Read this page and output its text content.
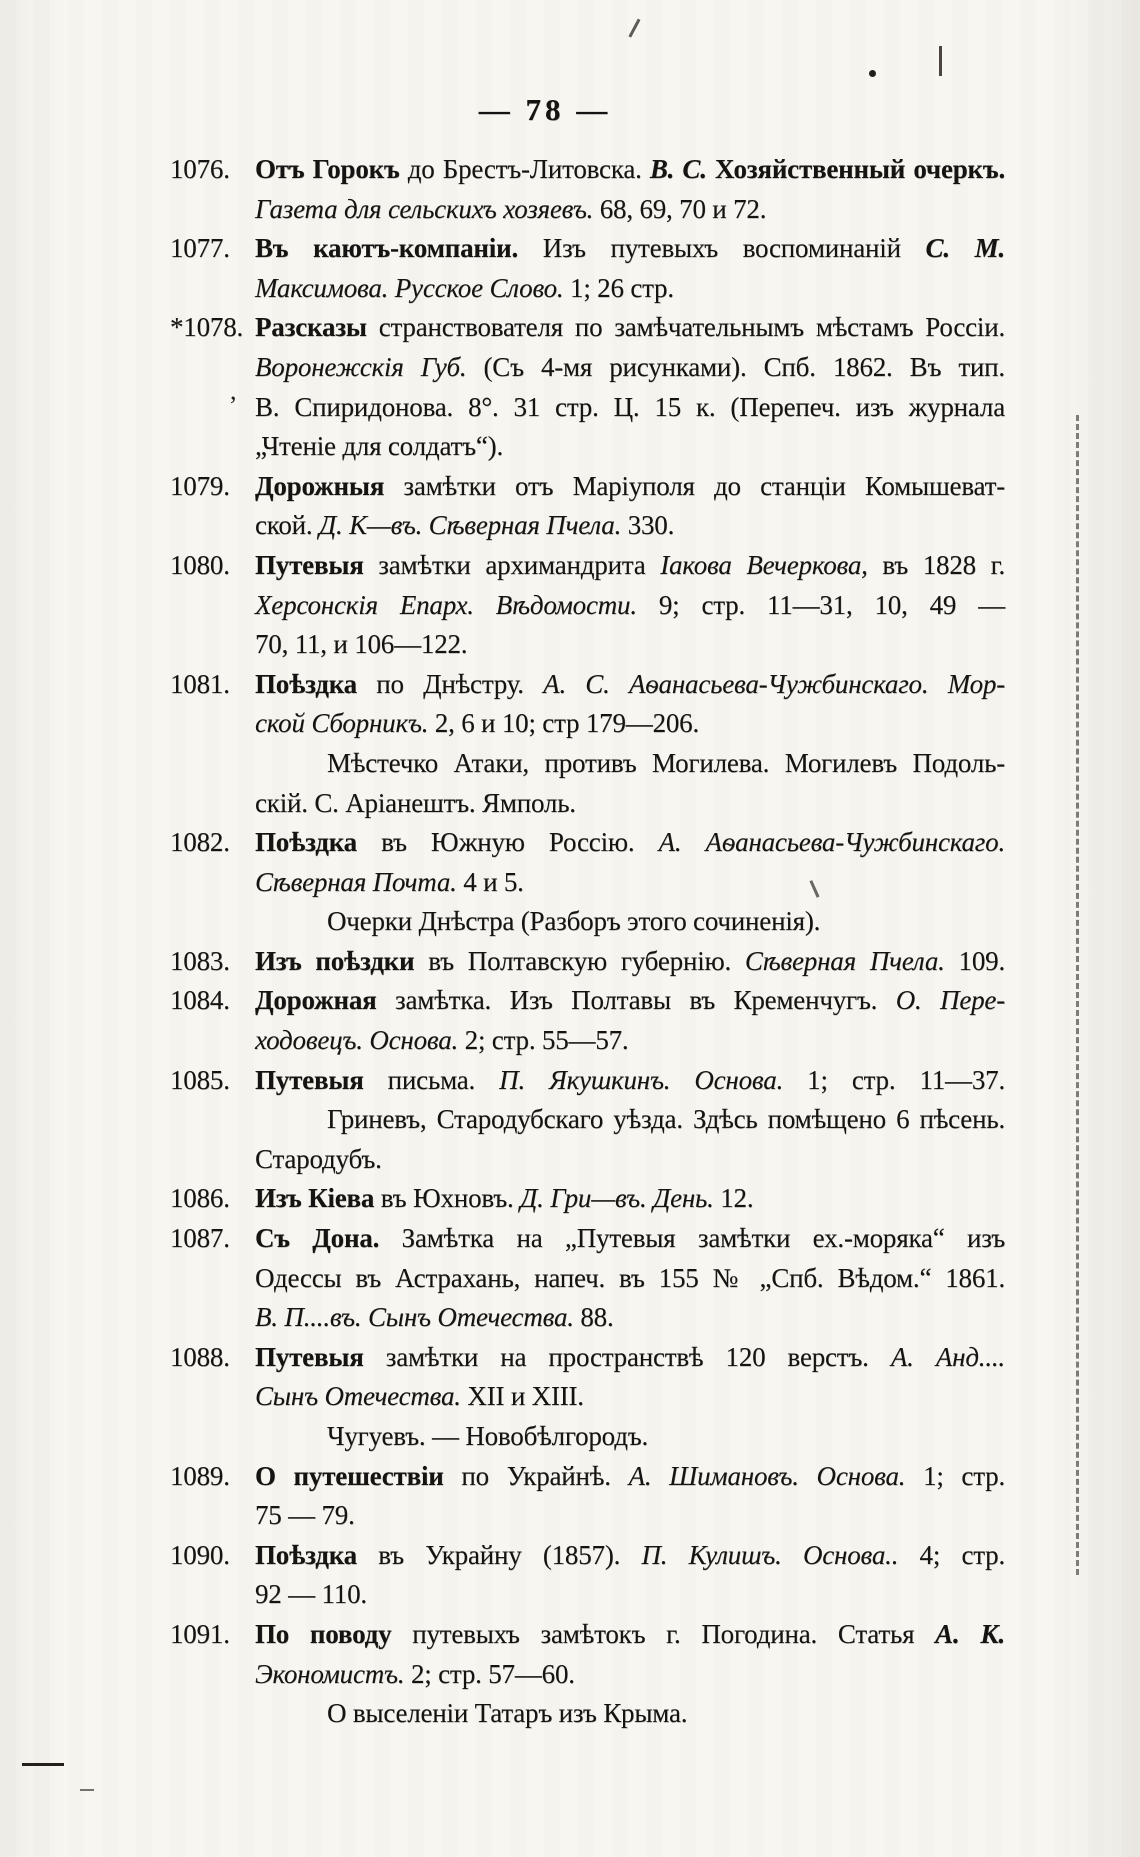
— 78 —
1076. Отъ Горокъ до Брестъ-Литовска. В. С. Хозяйственный очеркъ.
Газета для сельскихъ хозяевъ. 68, 69, 70 и 72.
1077. Въ каютъ-компаніи. Изъ путевыхъ воспоминаній С. М.
Максимова. Русское Слово. 1; 26 стр.
*1078. Разсказы странствователя по замѣчательнымъ мѣстамъ Россіи.
Воронежскія Губ. (Съ 4-мя рисунками). Спб. 1862. Въ тип.
В. Спиридонова. 8°. 31 стр. Ц. 15 к. (Перепеч. изъ журнала
„Чтеніе для солдатъ“).
1079. Дорожныя замѣтки отъ Маріуполя до станціи Комышеват-
ской. Д. К—въ. Сѣверная Пчела. 330.
1080. Путевыя замѣтки архимандрита Іакова Вечеркова, въ 1828 г.
Херсонскія Епарх. Вѣдомости. 9; стр. 11—31, 10, 49 —
70, 11, и 106—122.
1081. Поѣздка по Днѣстру. А. С. Аѳанасьева-Чужбинскаго. Мор-
ской Сборникъ. 2, 6 и 10; стр 179—206.
Мѣстечко Атаки, противъ Могилева. Могилевъ Подоль-
скій. С. Аріанештъ. Ямполь.
1082. Поѣздка въ Южную Россію. А. Аѳанасьева-Чужбинскаго.
Сѣверная Почта. 4 и 5.
Очерки Днѣстра (Разборъ этого сочиненія).
1083. Изъ поѣздки въ Полтавскую губернію. Сѣверная Пчела. 109.
1084. Дорожная замѣтка. Изъ Полтавы въ Кременчугъ. О. Пере-
ходовецъ. Основа. 2; стр. 55—57.
1085. Путевыя письма. П. Якушкинъ. Основа. 1; стр. 11—37.
Гриневъ, Стародубскаго уѣзда. Здѣсь помѣщено 6 пѣсень.
Стародубъ.
1086. Изъ Кіева въ Юхновъ. Д. Гри—въ. День. 12.
1087. Съ Дона. Замѣтка на „Путевыя замѣтки ех.-моряка“ изъ
Одессы въ Астрахань, напеч. въ 155 № „Спб. Вѣдом.“ 1861.
В. П....въ. Сынъ Отечества. 88.
1088. Путевыя замѣтки на пространствѣ 120 верстъ. А. Анд....
Сынъ Отечества. XII и XIII.
Чугуевъ. — Новобѣлгородъ.
1089. О путешествіи по Украйнѣ. А. Шимановъ. Основа. 1; стр.
75 — 79.
1090. Поѣздка въ Украйну (1857). П. Кулишъ. Основа.. 4; стр.
92 — 110.
1091. По поводу путевыхъ замѣтокъ г. Погодина. Статья А. К.
Экономистъ. 2; стр. 57—60.
О выселеніи Татаръ изъ Крыма.
,
